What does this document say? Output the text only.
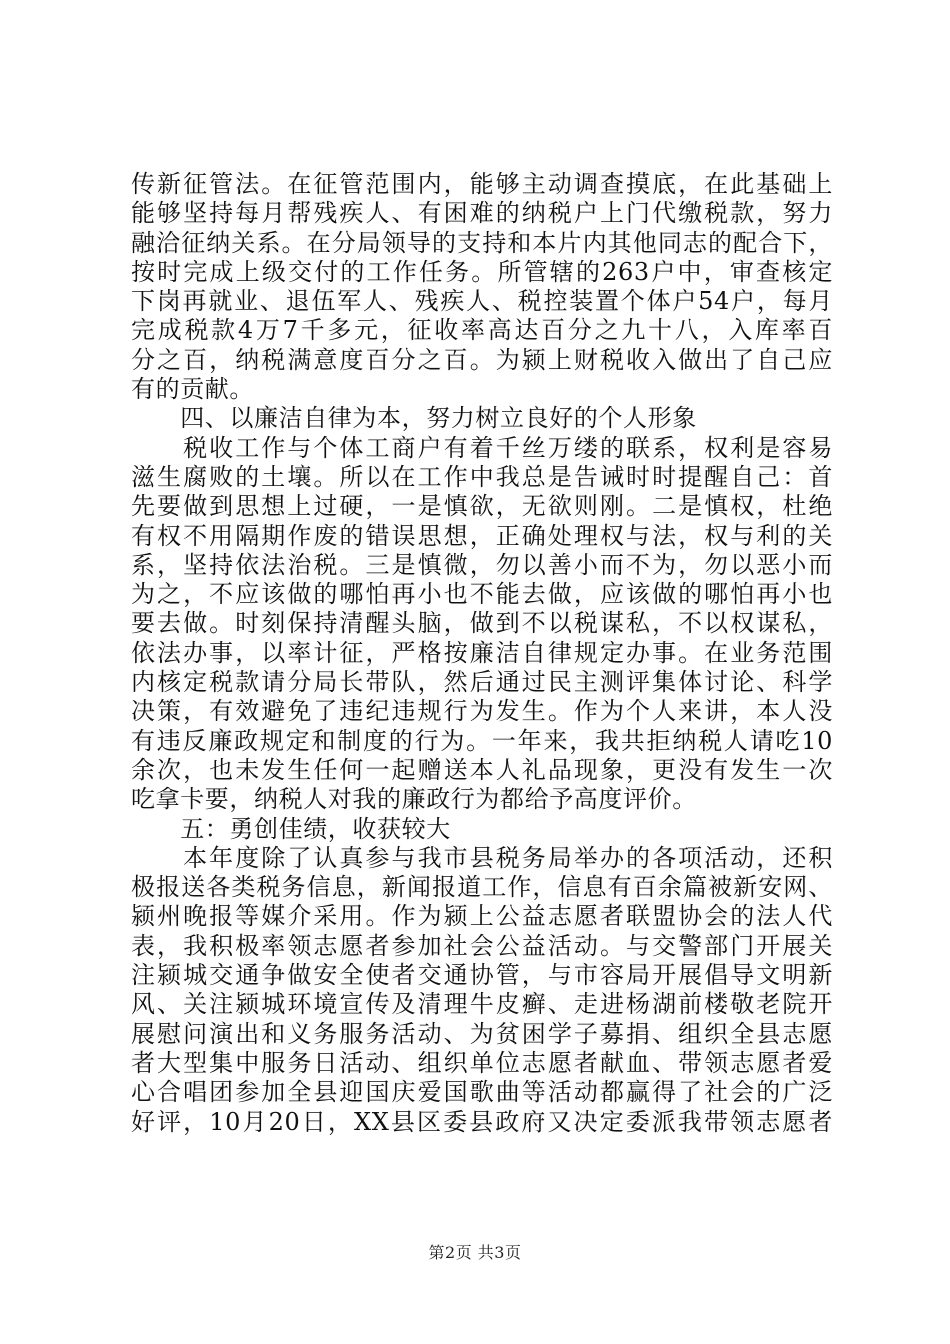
传新征管法。在征管范围内，能够主动调查摸底，在此基础上
能够坚持每月帮残疾人、有困难的纳税户上门代缴税款，努力
融洽征纳关系。在分局领导的支持和本片内其他同志的配合下，
按时完成上级交付的工作任务。所管辖的263户中，审查核定
下岗再就业、退伍军人、残疾人、税控装置个体户54户，每月
完成税款4万7千多元，征收率高达百分之九十八，入库率百
分之百，纳税满意度百分之百。为颍上财税收入做出了自己应
有的贡献。
　　四、以廉洁自律为本，努力树立良好的个人形象
　　税收工作与个体工商户有着千丝万缕的联系，权利是容易
滋生腐败的土壤。所以在工作中我总是告诫时时提醒自己：首
先要做到思想上过硬，一是慎欲，无欲则刚。二是慎权，杜绝
有权不用隔期作废的错误思想，正确处理权与法，权与利的关
系，坚持依法治税。三是慎微，勿以善小而不为，勿以恶小而
为之，不应该做的哪怕再小也不能去做，应该做的哪怕再小也
要去做。时刻保持清醒头脑，做到不以税谋私，不以权谋私，
依法办事，以率计征，严格按廉洁自律规定办事。在业务范围
内核定税款请分局长带队，然后通过民主测评集体讨论、科学
决策，有效避免了违纪违规行为发生。作为个人来讲，本人没
有违反廉政规定和制度的行为。一年来，我共拒纳税人请吃10
余次，也未发生任何一起赠送本人礼品现象，更没有发生一次
吃拿卡要，纳税人对我的廉政行为都给予高度评价。
　　五：勇创佳绩，收获较大
　　本年度除了认真参与我市县税务局举办的各项活动，还积
极报送各类税务信息，新闻报道工作，信息有百余篇被新安网、
颍州晚报等媒介采用。作为颍上公益志愿者联盟协会的法人代
表，我积极率领志愿者参加社会公益活动。与交警部门开展关
注颍城交通争做安全使者交通协管，与市容局开展倡导文明新
风、关注颍城环境宣传及清理牛皮癣、走进杨湖前楼敬老院开
展慰问演出和义务服务活动、为贫困学子募捐、组织全县志愿
者大型集中服务日活动、组织单位志愿者献血、带领志愿者爱
心合唱团参加全县迎国庆爱国歌曲等活动都赢得了社会的广泛
好评，10月20日，XX县区委县政府又决定委派我带领志愿者
第2页 共3页
